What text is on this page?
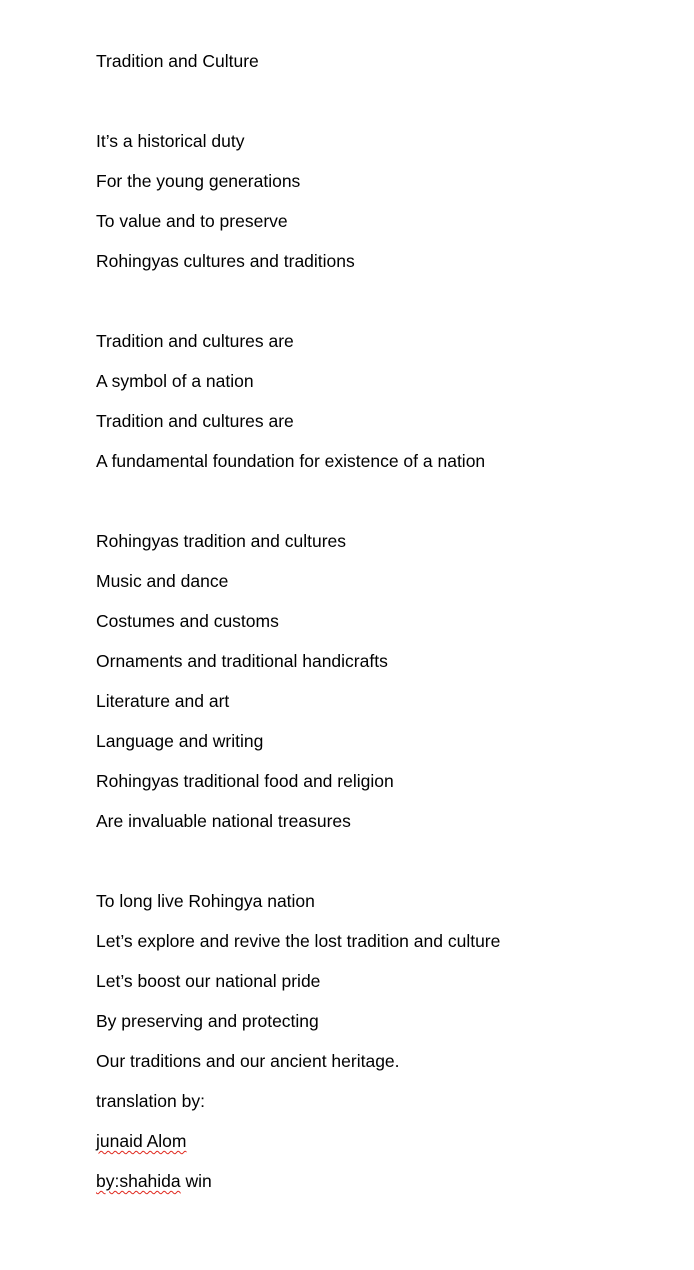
Tradition and Culture
It’s a historical duty
For the young generations
To value and to preserve
Rohingyas cultures and traditions
Tradition and cultures are
A symbol of a nation
Tradition and cultures are
A fundamental foundation for existence of a nation
Rohingyas tradition and cultures
Music and dance
Costumes and customs
Ornaments and traditional handicrafts
Literature and art
Language and writing
Rohingyas traditional food and religion
Are invaluable national treasures
To long live Rohingya nation
Let’s explore and revive the lost tradition and culture
Let’s boost our national pride
By preserving and protecting
Our traditions and our ancient heritage.
translation by:
junaid Alom
by:shahida win
